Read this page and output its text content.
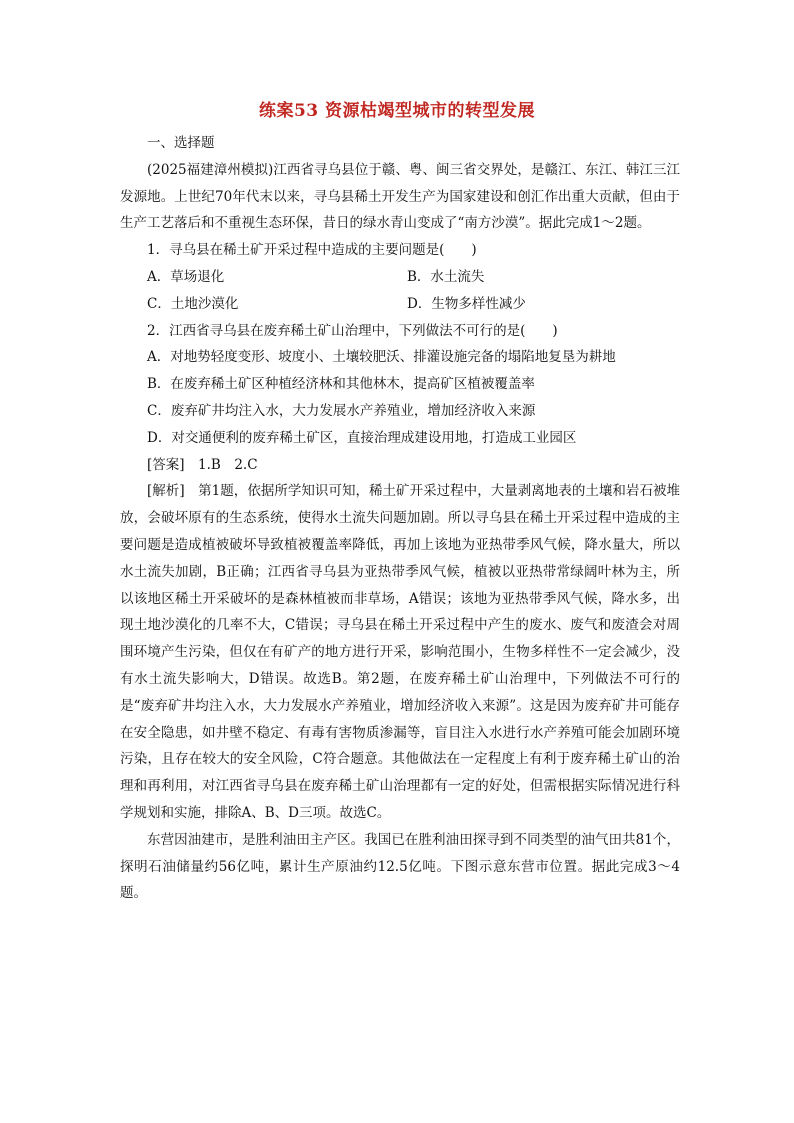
练案53 资源枯竭型城市的转型发展

一、选择题

(2025福建漳州模拟)江西省寻乌县位于赣、粤、闽三省交界处，是赣江、东江、韩江三江发源地。上世纪70年代末以来，寻乌县稀土开发生产为国家建设和创汇作出重大贡献，但由于生产工艺落后和不重视生态环保，昔日的绿水青山变成了“南方沙漠”。据此完成1～2题。

1．寻乌县在稀土矿开采过程中造成的主要问题是(　　)

A．草场退化	B．水土流失
C．土地沙漠化	D．生物多样性减少

2．江西省寻乌县在废弃稀土矿山治理中，下列做法不可行的是(　　)

A．对地势轻度变形、坡度小、土壤较肥沃、排灌设施完备的塌陷地复垦为耕地

B．在废弃稀土矿区种植经济林和其他林木，提高矿区植被覆盖率

C．废弃矿井均注入水，大力发展水产养殖业，增加经济收入来源

D．对交通便利的废弃稀土矿区，直接治理成建设用地，打造成工业园区

[答案]　1.B　2.C

[解析]　第1题，依据所学知识可知，稀土矿开采过程中，大量剥离地表的土壤和岩石被堆放，会破坏原有的生态系统，使得水土流失问题加剧。所以寻乌县在稀土开采过程中造成的主要问题是造成植被破坏导致植被覆盖率降低，再加上该地为亚热带季风气候，降水量大，所以水土流失加剧，B正确；江西省寻乌县为亚热带季风气候，植被以亚热带常绿阔叶林为主，所以该地区稀土开采破坏的是森林植被而非草场，A错误；该地为亚热带季风气候，降水多，出现土地沙漠化的几率不大，C错误；寻乌县在稀土开采过程中产生的废水、废气和废渣会对周围环境产生污染，但仅在有矿产的地方进行开采，影响范围小，生物多样性不一定会减少，没有水土流失影响大，D错误。故选B。第2题，在废弃稀土矿山治理中，下列做法不可行的是“废弃矿井均注入水，大力发展水产养殖业，增加经济收入来源”。这是因为废弃矿井可能存在安全隐患，如井壁不稳定、有毒有害物质渗漏等，盲目注入水进行水产养殖可能会加剧环境污染，且存在较大的安全风险，C符合题意。其他做法在一定程度上有利于废弃稀土矿山的治理和再利用，对江西省寻乌县在废弃稀土矿山治理都有一定的好处，但需根据实际情况进行科学规划和实施，排除A、B、D三项。故选C。

东营因油建市，是胜利油田主产区。我国已在胜利油田探寻到不同类型的油气田共81个，探明石油储量约56亿吨，累计生产原油约12.5亿吨。下图示意东营市位置。据此完成3～4题。
